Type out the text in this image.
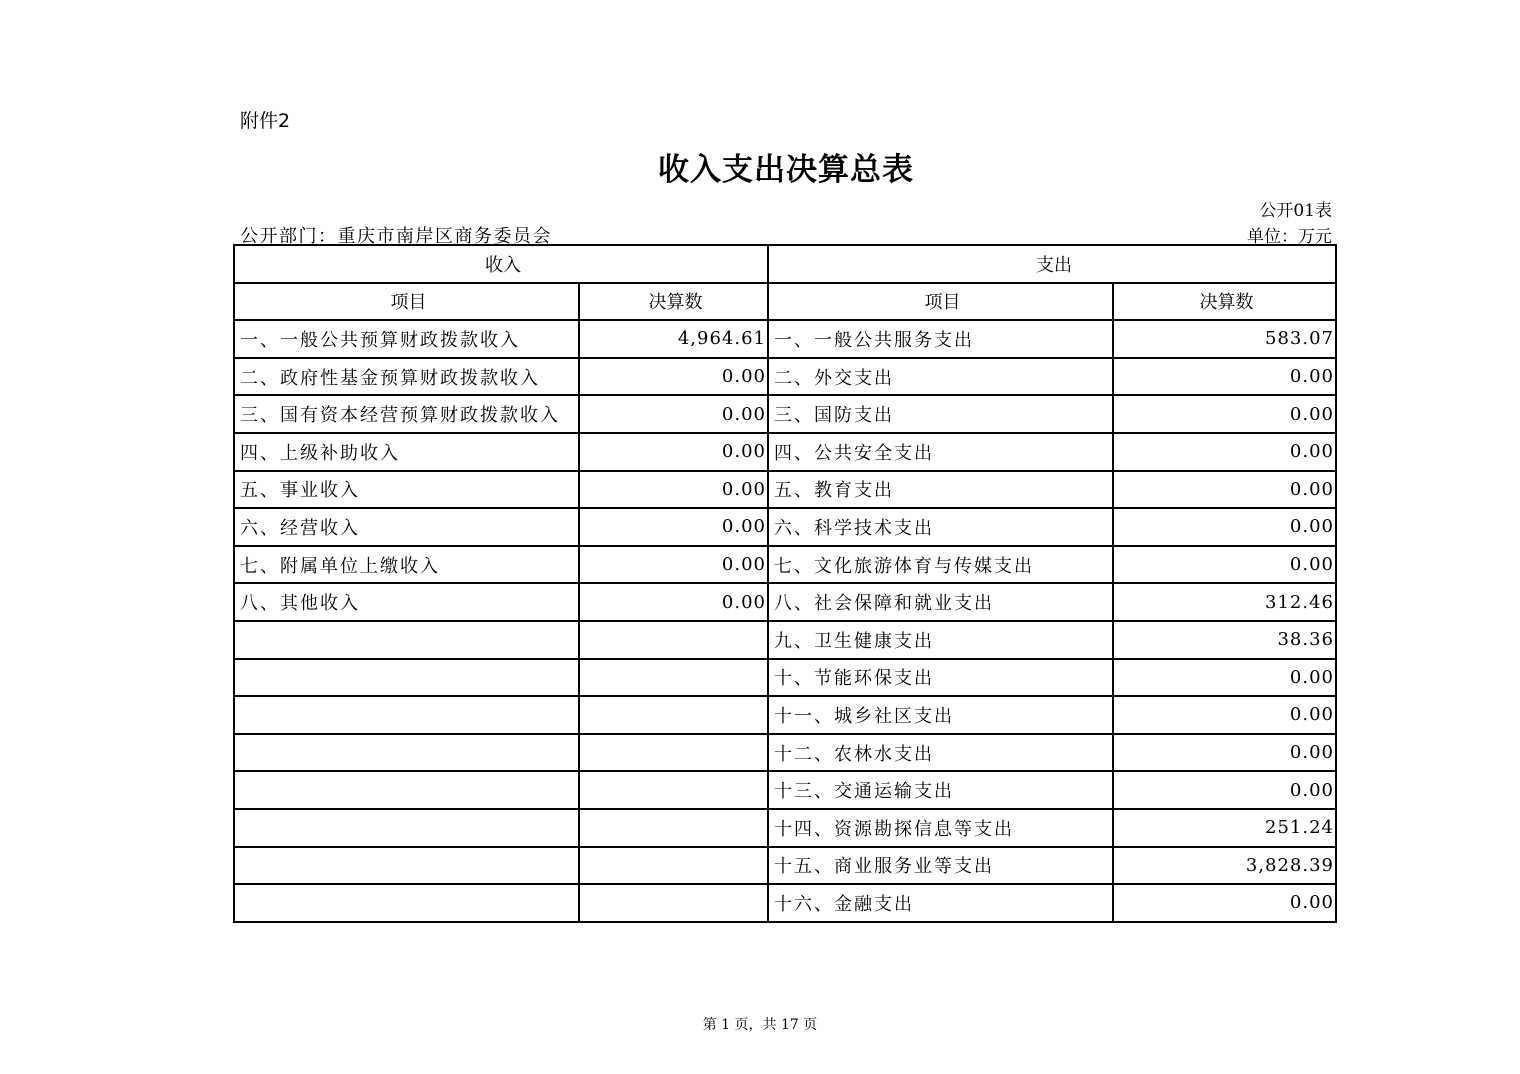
附件2
收入支出决算总表
公开01表
公开部门：重庆市南岸区商务委员会	单位：万元
收入		支出	
项目	决算数	项目	决算数
一、一般公共预算财政拨款收入	4,964.61	一、一般公共服务支出	583.07
二、政府性基金预算财政拨款收入	0.00	二、外交支出	0.00
三、国有资本经营预算财政拨款收入	0.00	三、国防支出	0.00
四、上级补助收入	0.00	四、公共安全支出	0.00
五、事业收入	0.00	五、教育支出	0.00
六、经营收入	0.00	六、科学技术支出	0.00
七、附属单位上缴收入	0.00	七、文化旅游体育与传媒支出	0.00
八、其他收入	0.00	八、社会保障和就业支出	312.46
		九、卫生健康支出	38.36
		十、节能环保支出	0.00
		十一、城乡社区支出	0.00
		十二、农林水支出	0.00
		十三、交通运输支出	0.00
		十四、资源勘探信息等支出	251.24
		十五、商业服务业等支出	3,828.39
		十六、金融支出	0.00
第 1 页，共 17 页
